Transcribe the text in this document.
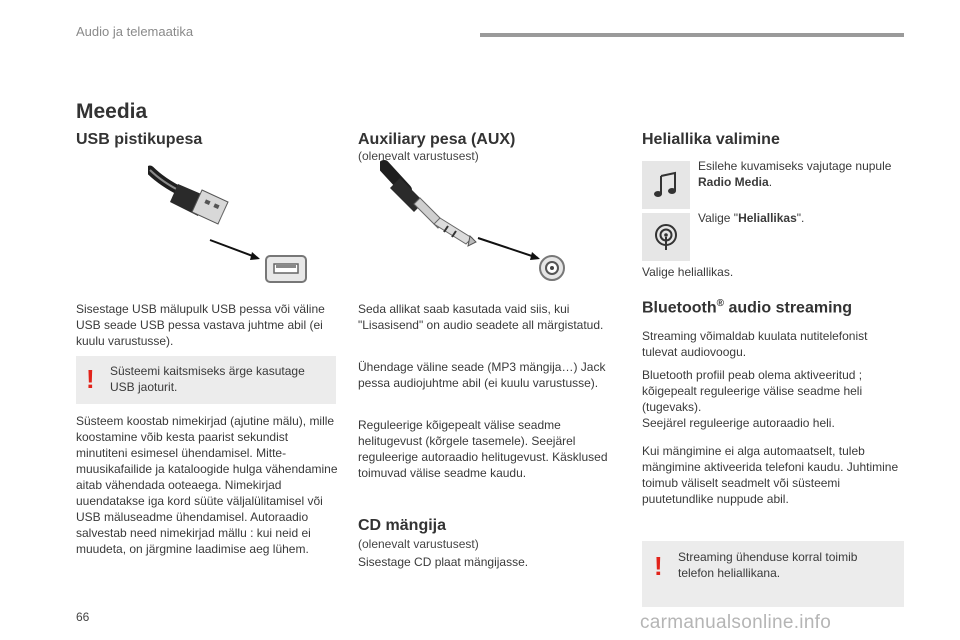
Audio ja telemaatika
Meedia
USB pistikupesa

Sisestage USB mälupulk USB pessa või väline USB seade USB pessa vastava juhtme abil (ei kuulu varustusse).

! Süsteemi kaitsmiseks ärge kasutage USB jaoturit.

Süsteem koostab nimekirjad (ajutine mälu), mille koostamine võib kesta paarist sekundist minutiteni esimesel ühendamisel. Mitte-muusikafailide ja kataloogide hulga vähendamine aitab vähendada ooteaega. Nimekirjad uuendatakse iga kord süüte väljalülitamisel või USB mäluseadme ühendamisel. Autoraadio salvestab need nimekirjad mällu : kui neid ei muudeta, on järgmine laadimise aeg lühem.

Auxiliary pesa (AUX)
(olenevalt varustusest)

Seda allikat saab kasutada vaid siis, kui "Lisasisend" on audio seadete all märgistatud.

Ühendage väline seade (MP3 mängija…) Jack pessa audiojuhtme abil (ei kuulu varustusse).

Reguleerige kõigepealt välise seadme helitugevust (kõrgele tasemele). Seejärel reguleerige autoraadio helitugevust. Käsklused toimuvad välise seadme kaudu.

CD mängija
(olenevalt varustusest)

Sisestage CD plaat mängijasse.

Heliallika valimine

Esilehe kuvamiseks vajutage nupule Radio Media.

Valige "Heliallikas".

Valige heliallikas.

Bluetooth® audio streaming

Streaming võimaldab kuulata nutitelefonist tulevat audiovoogu.

Bluetooth profiil peab olema aktiveeritud ; kõigepealt reguleerige välise seadme heli (tugevaks).

Seejärel reguleerige autoraadio heli.

Kui mängimine ei alga automaatselt, tuleb mängimine aktiveerida telefoni kaudu. Juhtimine toimub väliselt seadmelt või süsteemi puutetundlike nuppude abil.

! Streaming ühenduse korral toimib telefon heliallikana.
66	carmanualsonline.info
